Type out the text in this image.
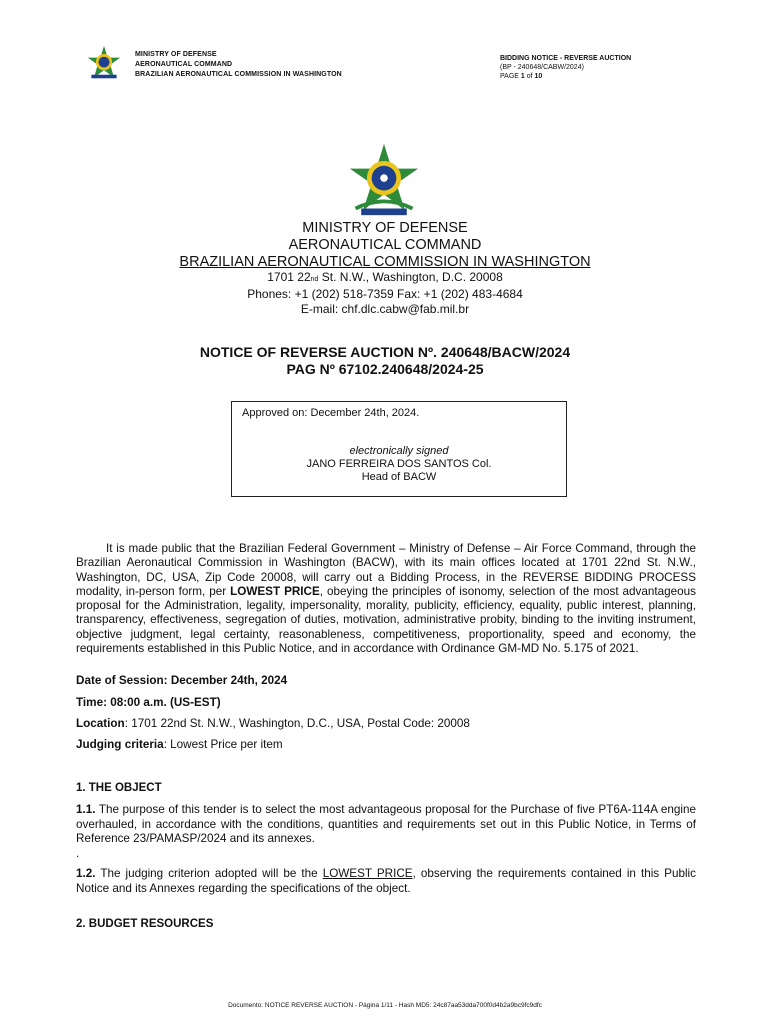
MINISTRY OF DEFENSE
AERONAUTICAL COMMAND
BRAZILIAN AERONAUTICAL COMMISSION IN WASHINGTON
BIDDING NOTICE - REVERSE AUCTION
(BP - 240648/CABW/2024)
PAGE 1 of 10
MINISTRY OF DEFENSE
AERONAUTICAL COMMAND
BRAZILIAN AERONAUTICAL COMMISSION IN WASHINGTON
1701 22nd St. N.W., Washington, D.C. 20008
Phones: +1 (202) 518-7359 Fax: +1 (202) 483-4684
E-mail: chf.dlc.cabw@fab.mil.br
NOTICE OF REVERSE AUCTION Nº. 240648/BACW/2024
PAG Nº 67102.240648/2024-25
Approved on: December 24th, 2024.
electronically signed
JANO FERREIRA DOS SANTOS Col.
Head of BACW

It is made public that the Brazilian Federal Government – Ministry of Defense – Air Force Command, through the Brazilian Aeronautical Commission in Washington (BACW), with its main offices located at 1701 22nd St. N.W., Washington, DC, USA, Zip Code 20008, will carry out a Bidding Process, in the REVERSE BIDDING PROCESS modality, in-person form, per LOWEST PRICE, obeying the principles of isonomy, selection of the most advantageous proposal for the Administration, legality, impersonality, morality, publicity, efficiency, equality, public interest, planning, transparency, effectiveness, segregation of duties, motivation, administrative probity, binding to the inviting instrument, objective judgment, legal certainty, reasonableness, competitiveness, proportionality, speed and economy, the requirements established in this Public Notice, and in accordance with Ordinance GM-MD No. 5.175 of 2021.

Date of Session: December 24th, 2024
Time: 08:00 a.m. (US-EST)
Location: 1701 22nd St. N.W., Washington, D.C., USA, Postal Code: 20008
Judging criteria: Lowest Price per item
1. THE OBJECT
1.1. The purpose of this tender is to select the most advantageous proposal for the Purchase of five PT6A-114A engine overhauled, in accordance with the conditions, quantities and requirements set out in this Public Notice, in Terms of Reference 23/PAMASP/2024 and its annexes.
.
1.2. The judging criterion adopted will be the LOWEST PRICE, observing the requirements contained in this Public Notice and its Annexes regarding the specifications of the object.
2. BUDGET RESOURCES
Documento: NOTICE REVERSE AUCTION - Página 1/11 - Hash MD5: 24c87aa53dda700f0d4b2a9bc9fc9dfc
